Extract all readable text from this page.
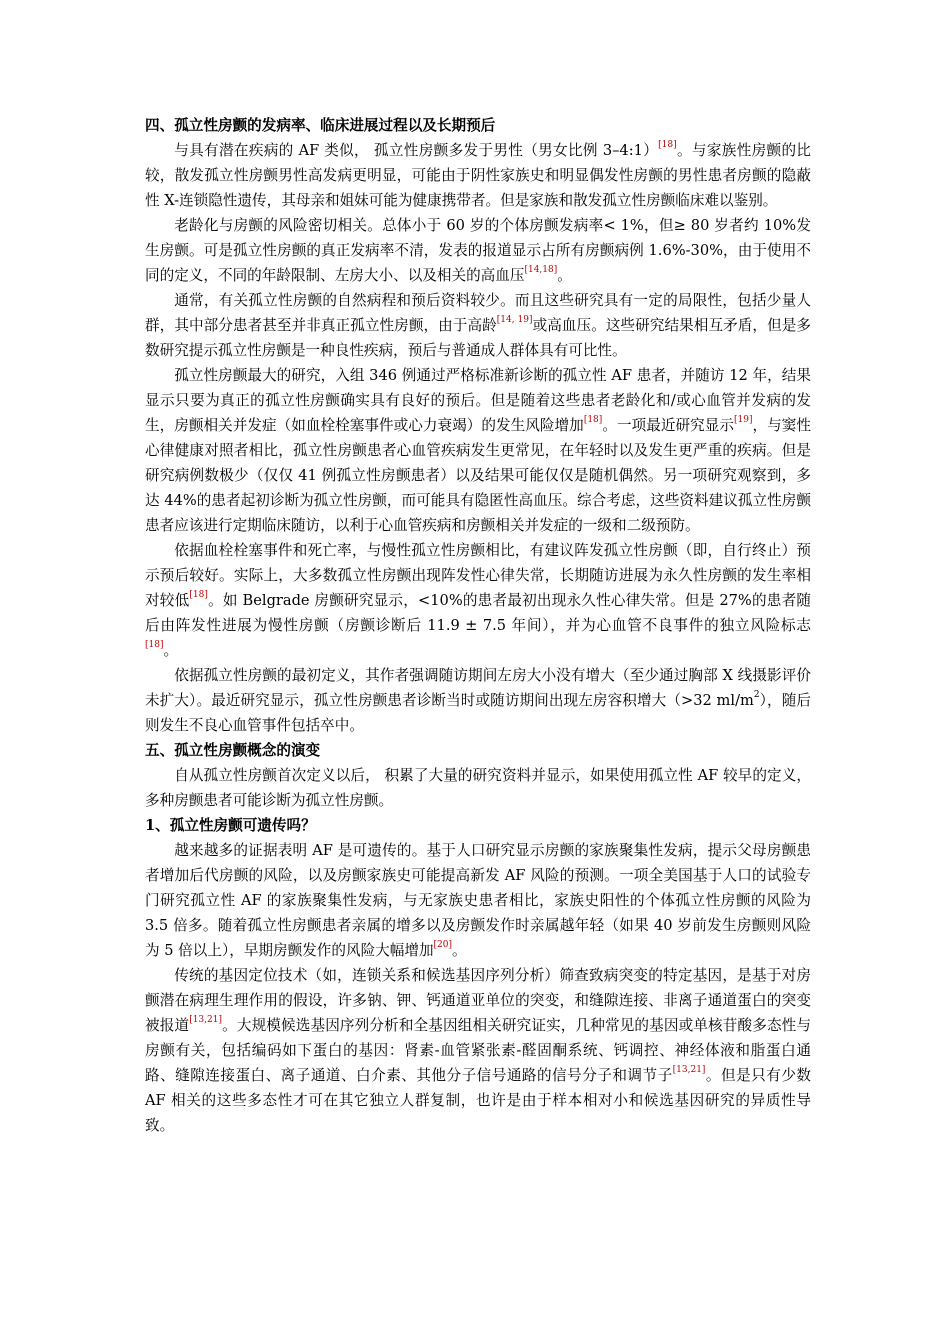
四、孤立性房颤的发病率、临床进展过程以及长期预后

与具有潜在疾病的 AF 类似， 孤立性房颤多发于男性（男女比例 3–4:1）[18]。与家族性房颤的比较，散发孤立性房颤男性高发病更明显，可能由于阴性家族史和明显偶发性房颤的男性患者房颤的隐蔽性 X-连锁隐性遗传，其母亲和姐妹可能为健康携带者。但是家族和散发孤立性房颤临床难以鉴别。

老龄化与房颤的风险密切相关。总体小于 60 岁的个体房颤发病率< 1%，但≥ 80 岁者约 10%发生房颤。可是孤立性房颤的真正发病率不清，发表的报道显示占所有房颤病例 1.6%-30%，由于使用不同的定义，不同的年龄限制、左房大小、以及相关的高血压[14,18]。

通常，有关孤立性房颤的自然病程和预后资料较少。而且这些研究具有一定的局限性，包括少量人群，其中部分患者甚至并非真正孤立性房颤，由于高龄[14, 19]或高血压。这些研究结果相互矛盾，但是多数研究提示孤立性房颤是一种良性疾病，预后与普通成人群体具有可比性。

孤立性房颤最大的研究，入组 346 例通过严格标准新诊断的孤立性 AF 患者，并随访 12 年，结果显示只要为真正的孤立性房颤确实具有良好的预后。但是随着这些患者老龄化和/或心血管并发病的发生，房颤相关并发症（如血栓栓塞事件或心力衰竭）的发生风险增加[18]。一项最近研究显示[19]，与窦性心律健康对照者相比，孤立性房颤患者心血管疾病发生更常见，在年轻时以及发生更严重的疾病。但是研究病例数极少（仅仅 41 例孤立性房颤患者）以及结果可能仅仅是随机偶然。另一项研究观察到，多达 44%的患者起初诊断为孤立性房颤，而可能具有隐匿性高血压。综合考虑，这些资料建议孤立性房颤患者应该进行定期临床随访，以利于心血管疾病和房颤相关并发症的一级和二级预防。

依据血栓栓塞事件和死亡率，与慢性孤立性房颤相比，有建议阵发孤立性房颤（即，自行终止）预示预后较好。实际上，大多数孤立性房颤出现阵发性心律失常，长期随访进展为永久性房颤的发生率相对较低[18]。如 Belgrade 房颤研究显示，<10%的患者最初出现永久性心律失常。但是 27%的患者随后由阵发性进展为慢性房颤（房颤诊断后 11.9 ± 7.5 年间），并为心血管不良事件的独立风险标志[18]。

依据孤立性房颤的最初定义，其作者强调随访期间左房大小没有增大（至少通过胸部 X 线摄影评价未扩大）。最近研究显示，孤立性房颤患者诊断当时或随访期间出现左房容积增大（>32 $ml/m^2$），随后则发生不良心血管事件包括卒中。

五、孤立性房颤概念的演变

自从孤立性房颤首次定义以后， 积累了大量的研究资料并显示，如果使用孤立性 AF 较早的定义，多种房颤患者可能诊断为孤立性房颤。

1、孤立性房颤可遗传吗？

越来越多的证据表明 AF 是可遗传的。基于人口研究显示房颤的家族聚集性发病，提示父母房颤患者增加后代房颤的风险，以及房颤家族史可能提高新发 AF 风险的预测。一项全美国基于人口的试验专门研究孤立性 AF 的家族聚集性发病，与无家族史患者相比，家族史阳性的个体孤立性房颤的风险为 3.5 倍多。随着孤立性房颤患者亲属的增多以及房颤发作时亲属越年轻（如果 40 岁前发生房颤则风险为 5 倍以上），早期房颤发作的风险大幅增加[20]。

传统的基因定位技术（如，连锁关系和候选基因序列分析）筛查致病突变的特定基因，是基于对房颤潜在病理生理作用的假设，许多钠、钾、钙通道亚单位的突变，和缝隙连接、非离子通道蛋白的突变被报道[13,21]。大规模候选基因序列分析和全基因组相关研究证实，几种常见的基因或单核苷酸多态性与房颤有关，包括编码如下蛋白的基因：肾素-血管紧张素-醛固酮系统、钙调控、神经体液和脂蛋白通路、缝隙连接蛋白、离子通道、白介素、其他分子信号通路的信号分子和调节子[13,21]。但是只有少数 AF 相关的这些多态性才可在其它独立人群复制，也许是由于样本相对小和候选基因研究的异质性导致。
